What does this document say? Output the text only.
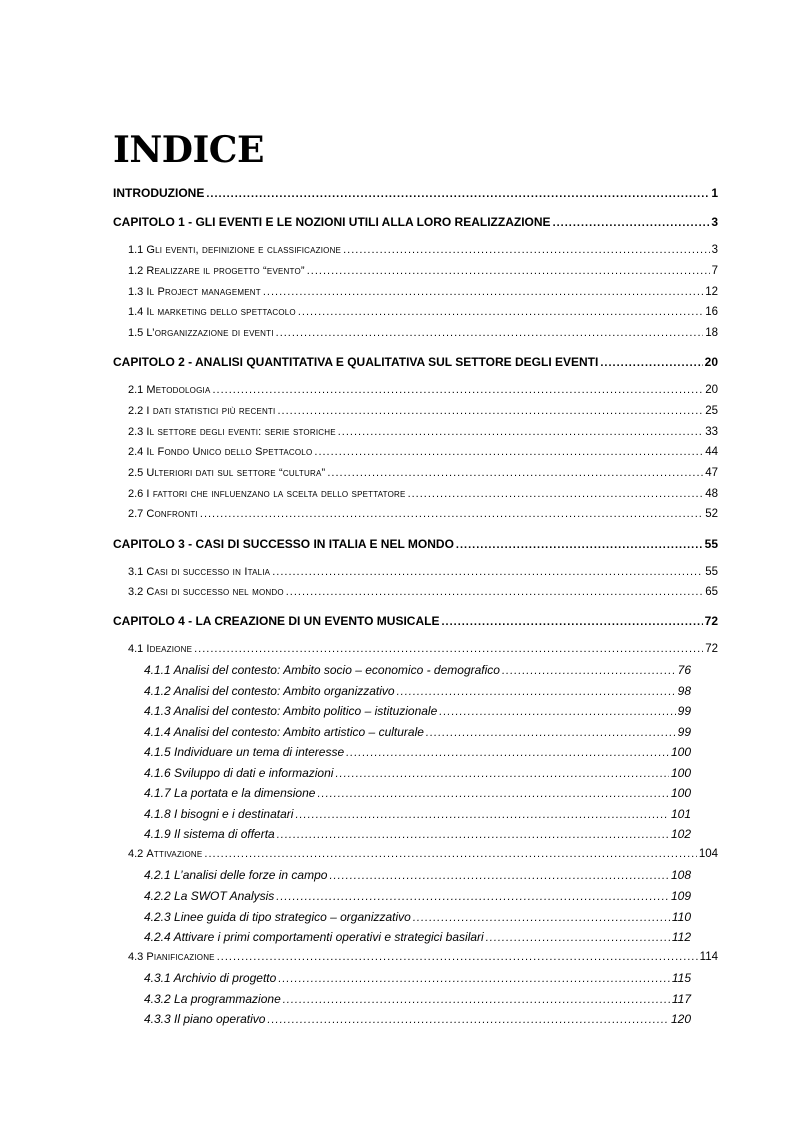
INDICE
INTRODUZIONE .....	1
CAPITOLO 1 - GLI EVENTI E LE NOZIONI UTILI ALLA LORO REALIZZAZIONE .....	3
1.1 Gli eventi, definizione e classificazione .....	3
1.2 Realizzare il progetto “evento” .....	7
1.3 Il Project management .....	12
1.4 Il marketing dello spettacolo .....	16
1.5 L’organizzazione di eventi .....	18
CAPITOLO 2 - ANALISI QUANTITATIVA E QUALITATIVA SUL SETTORE DEGLI EVENTI .....	20
2.1 Metodologia .....	20
2.2 I dati statistici più recenti .....	25
2.3 Il settore degli eventi: serie storiche .....	33
2.4 Il Fondo Unico dello Spettacolo .....	44
2.5 Ulteriori dati sul settore “cultura” .....	47
2.6 I fattori che influenzano la scelta dello spettatore .....	48
2.7 Confronti .....	52
CAPITOLO 3 - CASI DI SUCCESSO IN ITALIA E NEL MONDO .....	55
3.1 Casi di successo in Italia .....	55
3.2 Casi di successo nel mondo .....	65
CAPITOLO 4 - LA CREAZIONE DI UN EVENTO MUSICALE .....	72
4.1 Ideazione .....	72
4.1.1 Analisi del contesto: Ambito socio – economico - demografico .....	76
4.1.2 Analisi del contesto: Ambito organizzativo .....	98
4.1.3 Analisi del contesto: Ambito politico – istituzionale .....	99
4.1.4 Analisi del contesto: Ambito artistico – culturale .....	99
4.1.5 Individuare un tema di interesse .....	100
4.1.6 Sviluppo di dati e informazioni .....	100
4.1.7 La portata e la dimensione .....	100
4.1.8 I bisogni e i destinatari .....	101
4.1.9 Il sistema di offerta .....	102
4.2 Attivazione .....	104
4.2.1 L’analisi delle forze in campo .....	108
4.2.2 La SWOT Analysis .....	109
4.2.3 Linee guida di tipo strategico – organizzativo .....	110
4.2.4 Attivare i primi comportamenti operativi e strategici basilari .....	112
4.3 Pianificazione .....	114
4.3.1 Archivio di progetto .....	115
4.3.2 La programmazione .....	117
4.3.3 Il piano operativo .....	120
